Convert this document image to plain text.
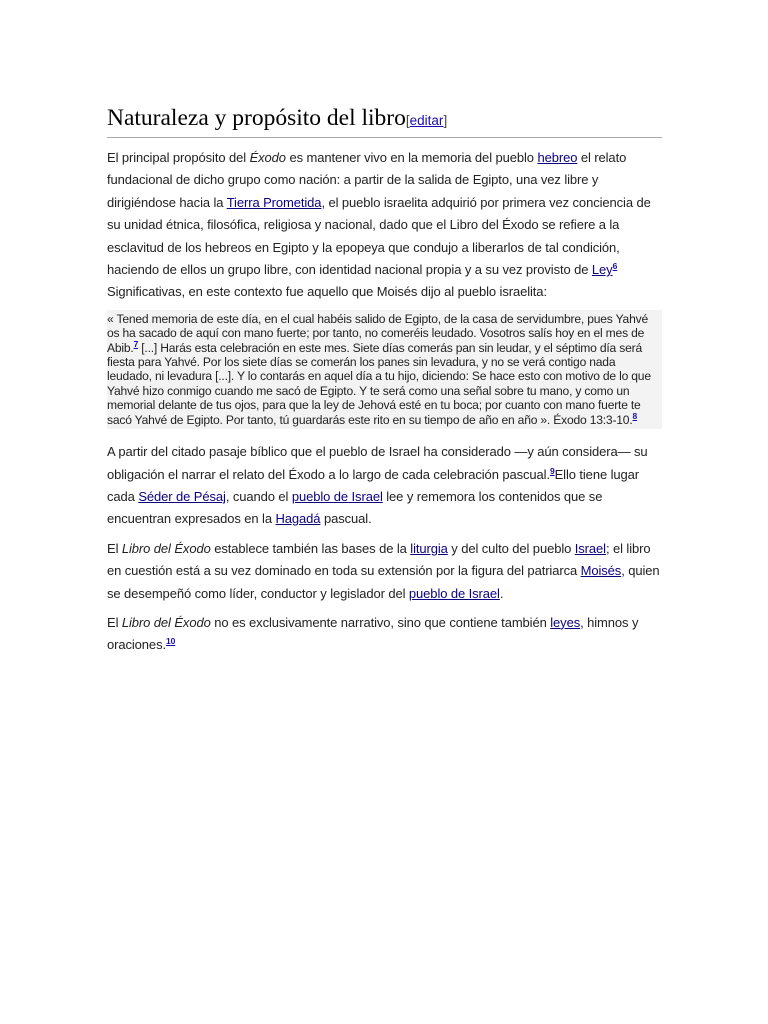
Naturaleza y propósito del libro[editar]

El principal propósito del Éxodo es mantener vivo en la memoria del pueblo hebreo el relato fundacional de dicho grupo como nación: a partir de la salida de Egipto, una vez libre y dirigiéndose hacia la Tierra Prometida, el pueblo israelita adquirió por primera vez conciencia de su unidad étnica, filosófica, religiosa y nacional, dado que el Libro del Éxodo se refiere a la esclavitud de los hebreos en Egipto y la epopeya que condujo a liberarlos de tal condición, haciendo de ellos un grupo libre, con identidad nacional propia y a su vez provisto de Ley$^6$ Significativas, en este contexto fue aquello que Moisés dijo al pueblo israelita:

« Tened memoria de este día, en el cual habéis salido de Egipto, de la casa de servidumbre, pues Yahvé os ha sacado de aquí con mano fuerte; por tanto, no comeréis leudado. Vosotros salís hoy en el mes de Abib.$^7$ [...] Harás esta celebración en este mes. Siete días comerás pan sin leudar, y el séptimo día será fiesta para Yahvé. Por los siete días se comerán los panes sin levadura, y no se verá contigo nada leudado, ni levadura [...]. Y lo contarás en aquel día a tu hijo, diciendo: Se hace esto con motivo de lo que Yahvé hizo conmigo cuando me sacó de Egipto. Y te será como una señal sobre tu mano, y como un memorial delante de tus ojos, para que la ley de Jehová esté en tu boca; por cuanto con mano fuerte te sacó Yahvé de Egipto. Por tanto, tú guardarás este rito en su tiempo de año en año ». Éxodo 13:3-10.$^8$

A partir del citado pasaje bíblico que el pueblo de Israel ha considerado —y aún considera— su obligación el narrar el relato del Éxodo a lo largo de cada celebración pascual.$^9$Ello tiene lugar cada Séder de Pésaj, cuando el pueblo de Israel lee y rememora los contenidos que se encuentran expresados en la Hagadá pascual.

El Libro del Éxodo establece también las bases de la liturgia y del culto del pueblo Israel; el libro en cuestión está a su vez dominado en toda su extensión por la figura del patriarca Moisés, quien se desempeñó como líder, conductor y legislador del pueblo de Israel.

El Libro del Éxodo no es exclusivamente narrativo, sino que contiene también leyes, himnos y oraciones.$^{10}$
